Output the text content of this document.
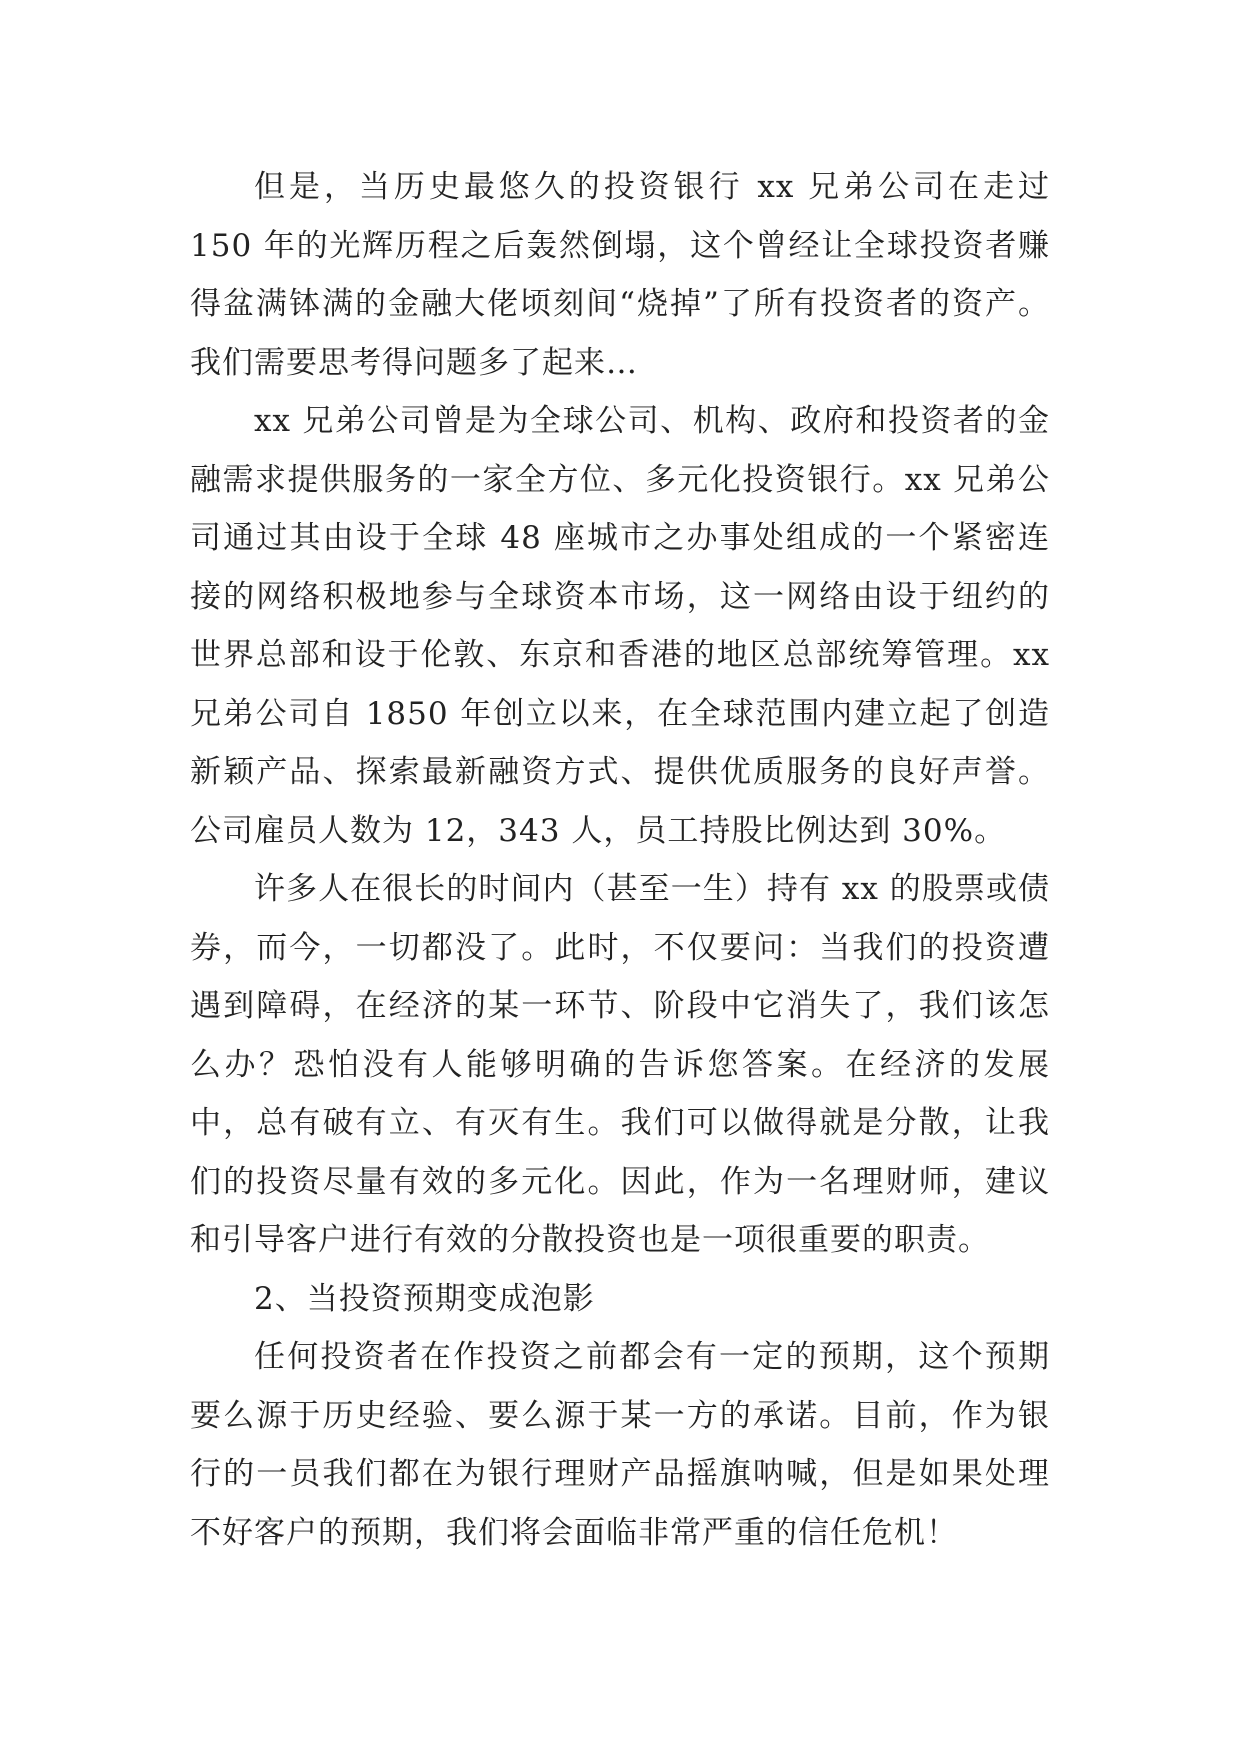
但是，当历史最悠久的投资银行 xx 兄弟公司在走过 150 年的光辉历程之后轰然倒塌，这个曾经让全球投资者赚得盆满钵满的金融大佬顷刻间“烧掉”了所有投资者的资产。我们需要思考得问题多了起来…

xx 兄弟公司曾是为全球公司、机构、政府和投资者的金融需求提供服务的一家全方位、多元化投资银行。xx 兄弟公司通过其由设于全球 48 座城市之办事处组成的一个紧密连接的网络积极地参与全球资本市场，这一网络由设于纽约的世界总部和设于伦敦、东京和香港的地区总部统筹管理。xx 兄弟公司自 1850 年创立以来，在全球范围内建立起了创造新颖产品、探索最新融资方式、提供优质服务的良好声誉。公司雇员人数为 12，343 人，员工持股比例达到 30%。

许多人在很长的时间内（甚至一生）持有 xx 的股票或债券，而今，一切都没了。此时，不仅要问：当我们的投资遭遇到障碍，在经济的某一环节、阶段中它消失了，我们该怎么办？恐怕没有人能够明确的告诉您答案。在经济的发展中，总有破有立、有灭有生。我们可以做得就是分散，让我们的投资尽量有效的多元化。因此，作为一名理财师，建议和引导客户进行有效的分散投资也是一项很重要的职责。

2、当投资预期变成泡影

任何投资者在作投资之前都会有一定的预期，这个预期要么源于历史经验、要么源于某一方的承诺。目前，作为银行的一员我们都在为银行理财产品摇旗呐喊，但是如果处理不好客户的预期，我们将会面临非常严重的信任危机！
